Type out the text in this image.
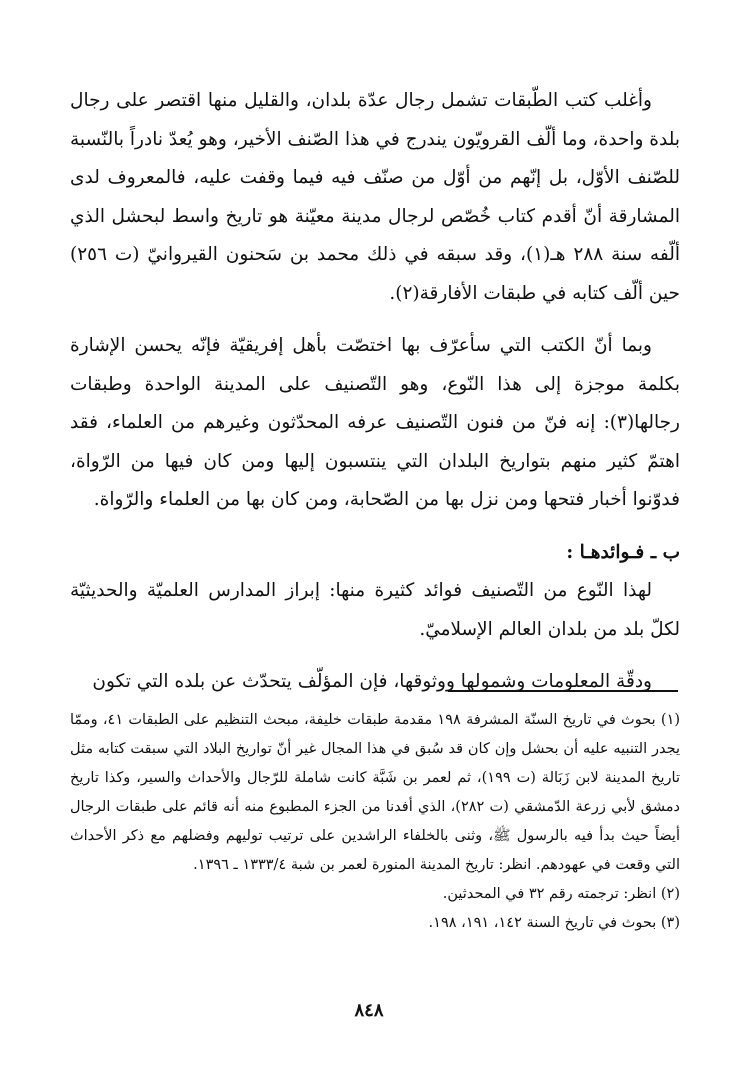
وأغلب كتب الطّبقات تشمل رجال عدّة بلدان، والقليل منها اقتصر على رجال بلدة واحدة، وما ألّف القرويّون يندرج في هذا الصّنف الأخير، وهو يُعدّ نادراً بالنّسبة للصّنف الأوّل، بل إنّهم من أوّل من صنّف فيه فيما وقفت عليه، فالمعروف لدى المشارقة أنّ أقدم كتاب خُصّص لرجال مدينة معيّنة هو تاريخ واسط لبحشل الذي ألّفه سنة ٢٨٨ هـ(١)، وقد سبقه في ذلك محمد بن سَحنون القيروانيّ (ت ٢٥٦) حين ألّف كتابه في طبقات الأفارقة(٢).

وبما أنّ الكتب التي سأعرّف بها اختصّت بأهل إفريقيّة فإنّه يحسن الإشارة بكلمة موجزة إلى هذا النّوع، وهو التّصنيف على المدينة الواحدة وطبقات رجالها(٣): إنه فنّ من فنون التّصنيف عرفه المحدّثون وغيرهم من العلماء، فقد اهتمّ كثير منهم بتواريخ البلدان التي ينتسبون إليها ومن كان فيها من الرّواة، فدوّنوا أخبار فتحها ومن نزل بها من الصّحابة، ومن كان بها من العلماء والرّواة.

ب ـ فـوائدهـا :

لهذا النّوع من التّصنيف فوائد كثيرة منها: إبراز المدارس العلميّة والحديثيّة لكلّ بلد من بلدان العالم الإسلاميّ.

ودقّة المعلومات وشمولها ووثوقها، فإن المؤلّف يتحدّث عن بلده التي تكون

(١) بحوث في تاريخ السنّة المشرفة ١٩٨ مقدمة طبقات خليفة، مبحث التنظيم على الطبقات ٤١، وممّا يجدر التنبيه عليه أن بحشل وإن كان قد سُبق في هذا المجال غير أنّ تواريخ البلاد التي سبقت كتابه مثل تاريخ المدينة لابن زَبَالة (ت ١٩٩)، ثم لعمر بن شَبَّة كانت شاملة للرّجال والأحداث والسير، وكذا تاريخ دمشق لأبي زرعة الدّمشقي (ت ٢٨٢)، الذي أفدنا من الجزء المطبوع منه أنه قائم على طبقات الرجال أيضاً حيث بدأ فيه بالرسول ﷺ، وثنى بالخلفاء الراشدين على ترتيب توليهم وفضلهم مع ذكر الأحداث التي وقعت في عهودهم. انظر: تاريخ المدينة المنورة لعمر بن شبة ١٣٣٣/٤ ـ ١٣٩٦.

(٢) انظر: ترجمته رقم ٣٢ في المحدثين.

(٣) بحوث في تاريخ السنة ١٤٢، ١٩١، ١٩٨.

٨٤٨
